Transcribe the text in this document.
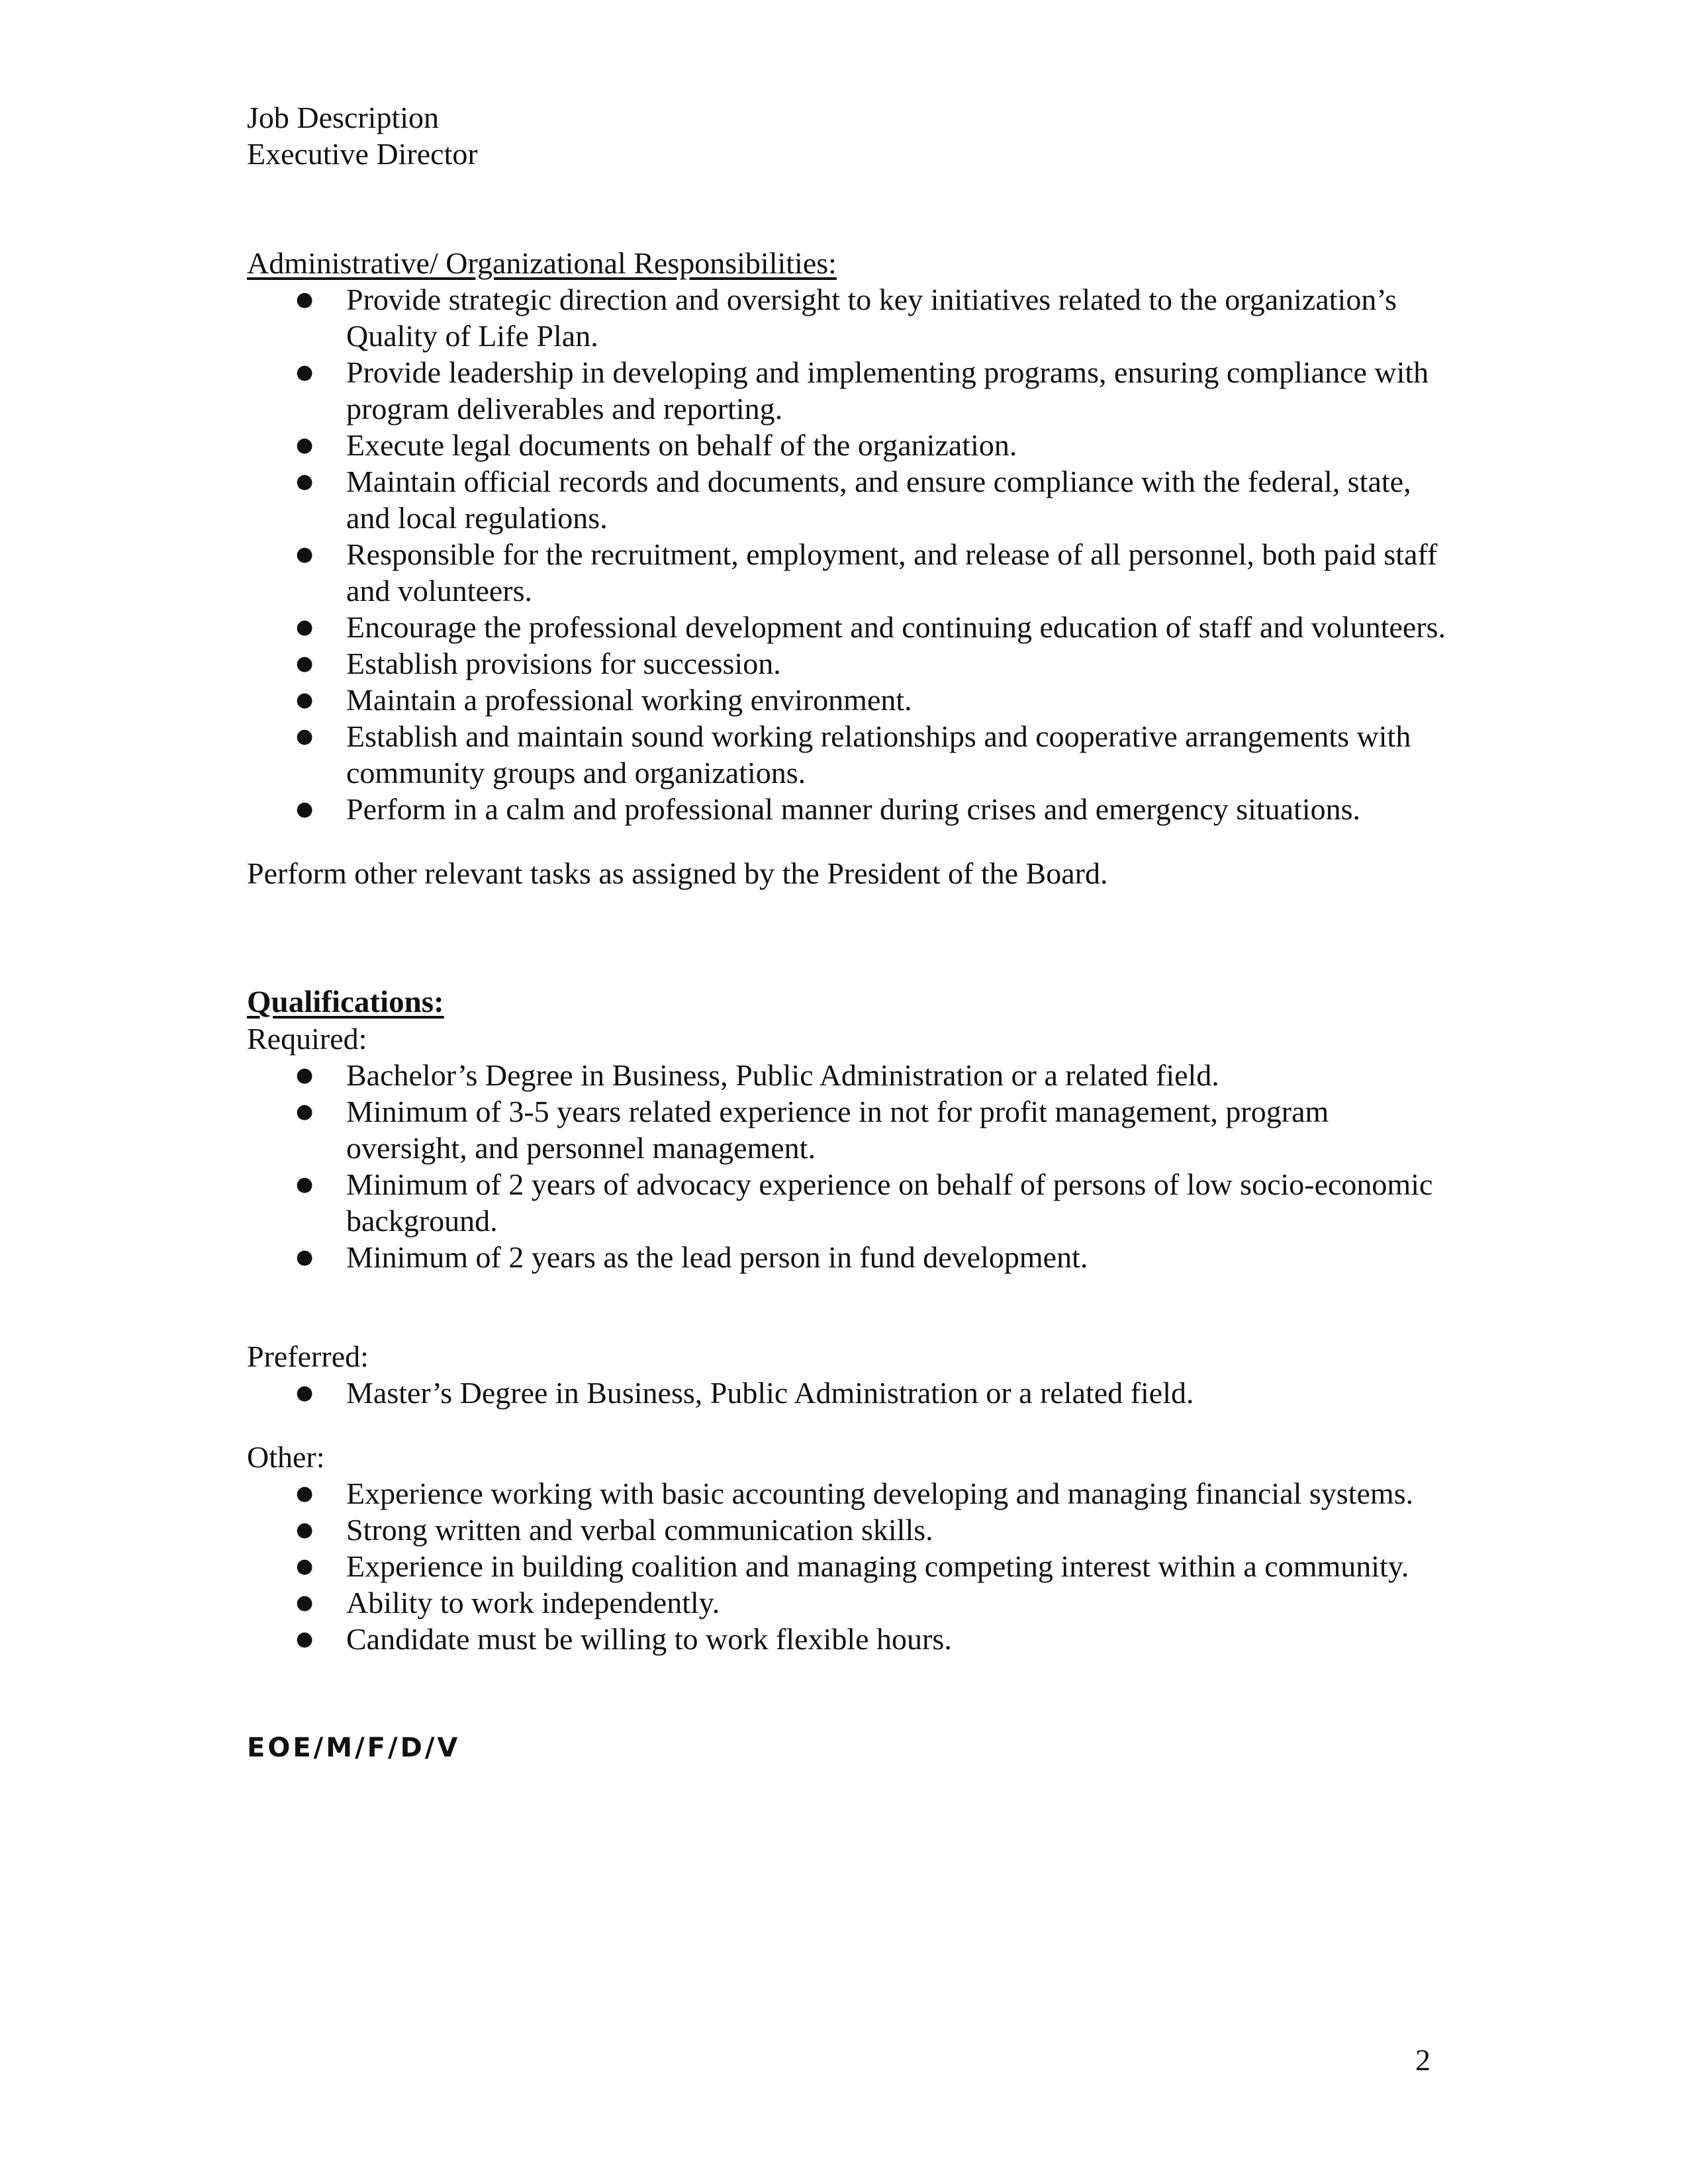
Job Description
Executive Director

Administrative/ Organizational Responsibilities:

● Provide strategic direction and oversight to key initiatives related to the organization’s Quality of Life Plan.
● Provide leadership in developing and implementing programs, ensuring compliance with program deliverables and reporting.
● Execute legal documents on behalf of the organization.
● Maintain official records and documents, and ensure compliance with the federal, state, and local regulations.
● Responsible for the recruitment, employment, and release of all personnel, both paid staff and volunteers.
● Encourage the professional development and continuing education of staff and volunteers.
● Establish provisions for succession.
● Maintain a professional working environment.
● Establish and maintain sound working relationships and cooperative arrangements with community groups and organizations.
● Perform in a calm and professional manner during crises and emergency situations.

Perform other relevant tasks as assigned by the President of the Board.

Qualifications:

Required:

● Bachelor’s Degree in Business, Public Administration or a related field.
● Minimum of 3-5 years related experience in not for profit management, program oversight, and personnel management.
● Minimum of 2 years of advocacy experience on behalf of persons of low socio-economic background.
● Minimum of 2 years as the lead person in fund development.

Preferred:

● Master’s Degree in Business, Public Administration or a related field.

Other:

● Experience working with basic accounting developing and managing financial systems.
● Strong written and verbal communication skills.
● Experience in building coalition and managing competing interest within a community.
● Ability to work independently.
● Candidate must be willing to work flexible hours.

EOE/M/F/D/V

2
